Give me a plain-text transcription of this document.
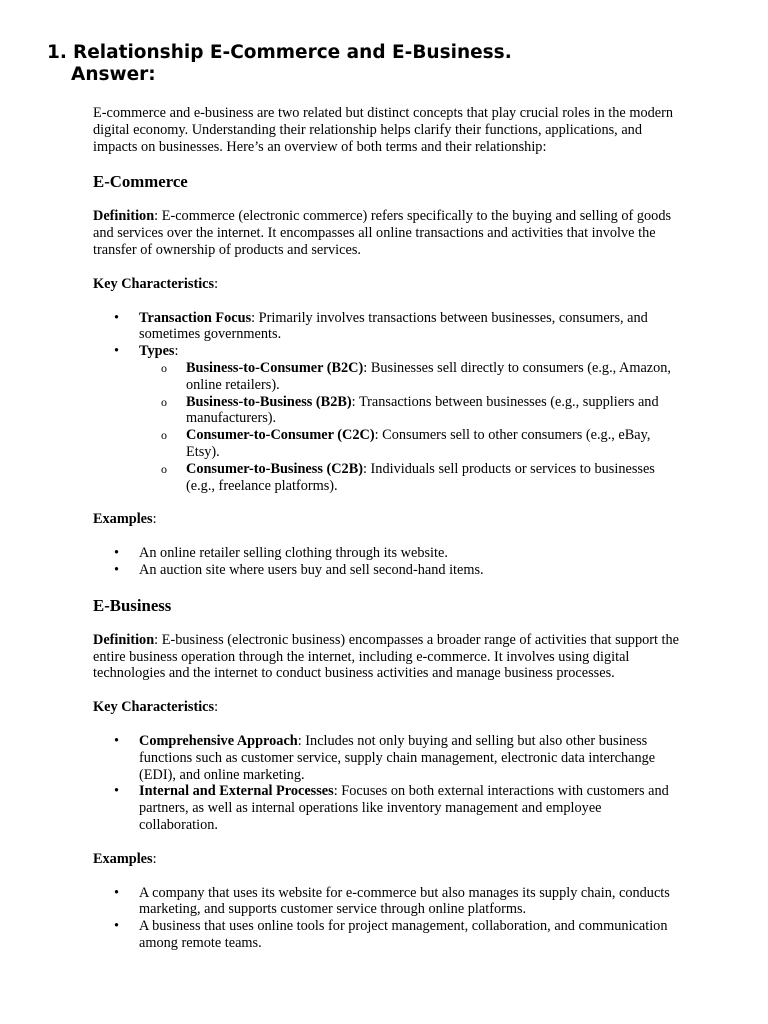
1. Relationship E-Commerce and E-Business.
Answer:

E-commerce and e-business are two related but distinct concepts that play crucial roles in the modern digital economy. Understanding their relationship helps clarify their functions, applications, and impacts on businesses. Here’s an overview of both terms and their relationship:

E-Commerce

Definition: E-commerce (electronic commerce) refers specifically to the buying and selling of goods and services over the internet. It encompasses all online transactions and activities that involve the transfer of ownership of products and services.

Key Characteristics:

• Transaction Focus: Primarily involves transactions between businesses, consumers, and sometimes governments.
• Types:
o Business-to-Consumer (B2C): Businesses sell directly to consumers (e.g., Amazon, online retailers).
o Business-to-Business (B2B): Transactions between businesses (e.g., suppliers and manufacturers).
o Consumer-to-Consumer (C2C): Consumers sell to other consumers (e.g., eBay, Etsy).
o Consumer-to-Business (C2B): Individuals sell products or services to businesses (e.g., freelance platforms).

Examples:

• An online retailer selling clothing through its website.
• An auction site where users buy and sell second-hand items.
E-Business

Definition: E-business (electronic business) encompasses a broader range of activities that support the entire business operation through the internet, including e-commerce. It involves using digital technologies and the internet to conduct business activities and manage business processes.

Key Characteristics:

• Comprehensive Approach: Includes not only buying and selling but also other business functions such as customer service, supply chain management, electronic data interchange (EDI), and online marketing.
• Internal and External Processes: Focuses on both external interactions with customers and partners, as well as internal operations like inventory management and employee collaboration.

Examples:

• A company that uses its website for e-commerce but also manages its supply chain, conducts marketing, and supports customer service through online platforms.
• A business that uses online tools for project management, collaboration, and communication among remote teams.
